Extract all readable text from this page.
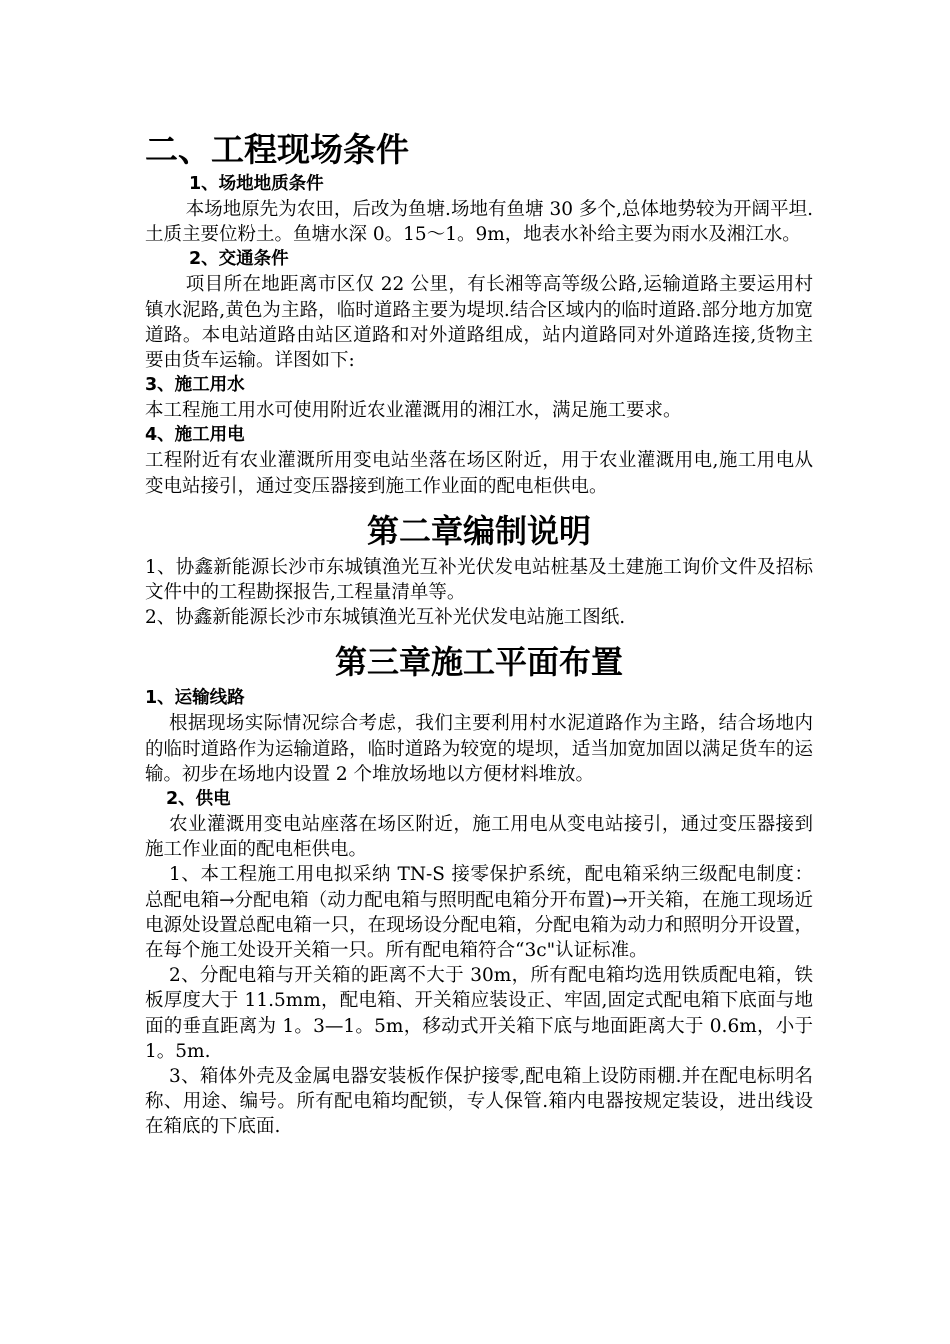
二、工程现场条件
1、场地地质条件

本场地原先为农田，后改为鱼塘.场地有鱼塘 30 多个,总体地势较为开阔平坦.土质主要位粉土。鱼塘水深 0。15～1。9m，地表水补给主要为雨水及湘江水。

2、交通条件

项目所在地距离市区仅 22 公里，有长湘等高等级公路,运输道路主要运用村镇水泥路,黄色为主路，临时道路主要为堤坝.结合区域内的临时道路.部分地方加宽道路。本电站道路由站区道路和对外道路组成，站内道路同对外道路连接,货物主要由货车运输。详图如下:

3、施工用水

本工程施工用水可使用附近农业灌溉用的湘江水，满足施工要求。

4、施工用电

工程附近有农业灌溉所用变电站坐落在场区附近，用于农业灌溉用电,施工用电从变电站接引，通过变压器接到施工作业面的配电柜供电。

第二章编制说明

1、协鑫新能源长沙市东城镇渔光互补光伏发电站桩基及土建施工询价文件及招标文件中的工程勘探报告,工程量清单等。

2、协鑫新能源长沙市东城镇渔光互补光伏发电站施工图纸.

第三章施工平面布置
1、运输线路

根据现场实际情况综合考虑，我们主要利用村水泥道路作为主路，结合场地内的临时道路作为运输道路，临时道路为较宽的堤坝，适当加宽加固以满足货车的运输。初步在场地内设置 2 个堆放场地以方便材料堆放。

2、供电

农业灌溉用变电站座落在场区附近，施工用电从变电站接引，通过变压器接到施工作业面的配电柜供电。

1、本工程施工用电拟采纳 TN-S 接零保护系统，配电箱采纳三级配电制度：总配电箱→分配电箱（动力配电箱与照明配电箱分开布置)→开关箱，在施工现场近电源处设置总配电箱一只，在现场设分配电箱，分配电箱为动力和照明分开设置，在每个施工处设开关箱一只。所有配电箱符合“3c"认证标准。

2、分配电箱与开关箱的距离不大于 30m，所有配电箱均选用铁质配电箱，铁板厚度大于 11.5mm，配电箱、开关箱应装设正、牢固,固定式配电箱下底面与地面的垂直距离为 1。3—1。5m，移动式开关箱下底与地面距离大于 0.6m，小于 1。5m.

3、箱体外壳及金属电器安装板作保护接零,配电箱上设防雨棚.并在配电标明名称、用途、编号。所有配电箱均配锁，专人保管.箱内电器按规定装设，进出线设在箱底的下底面.
